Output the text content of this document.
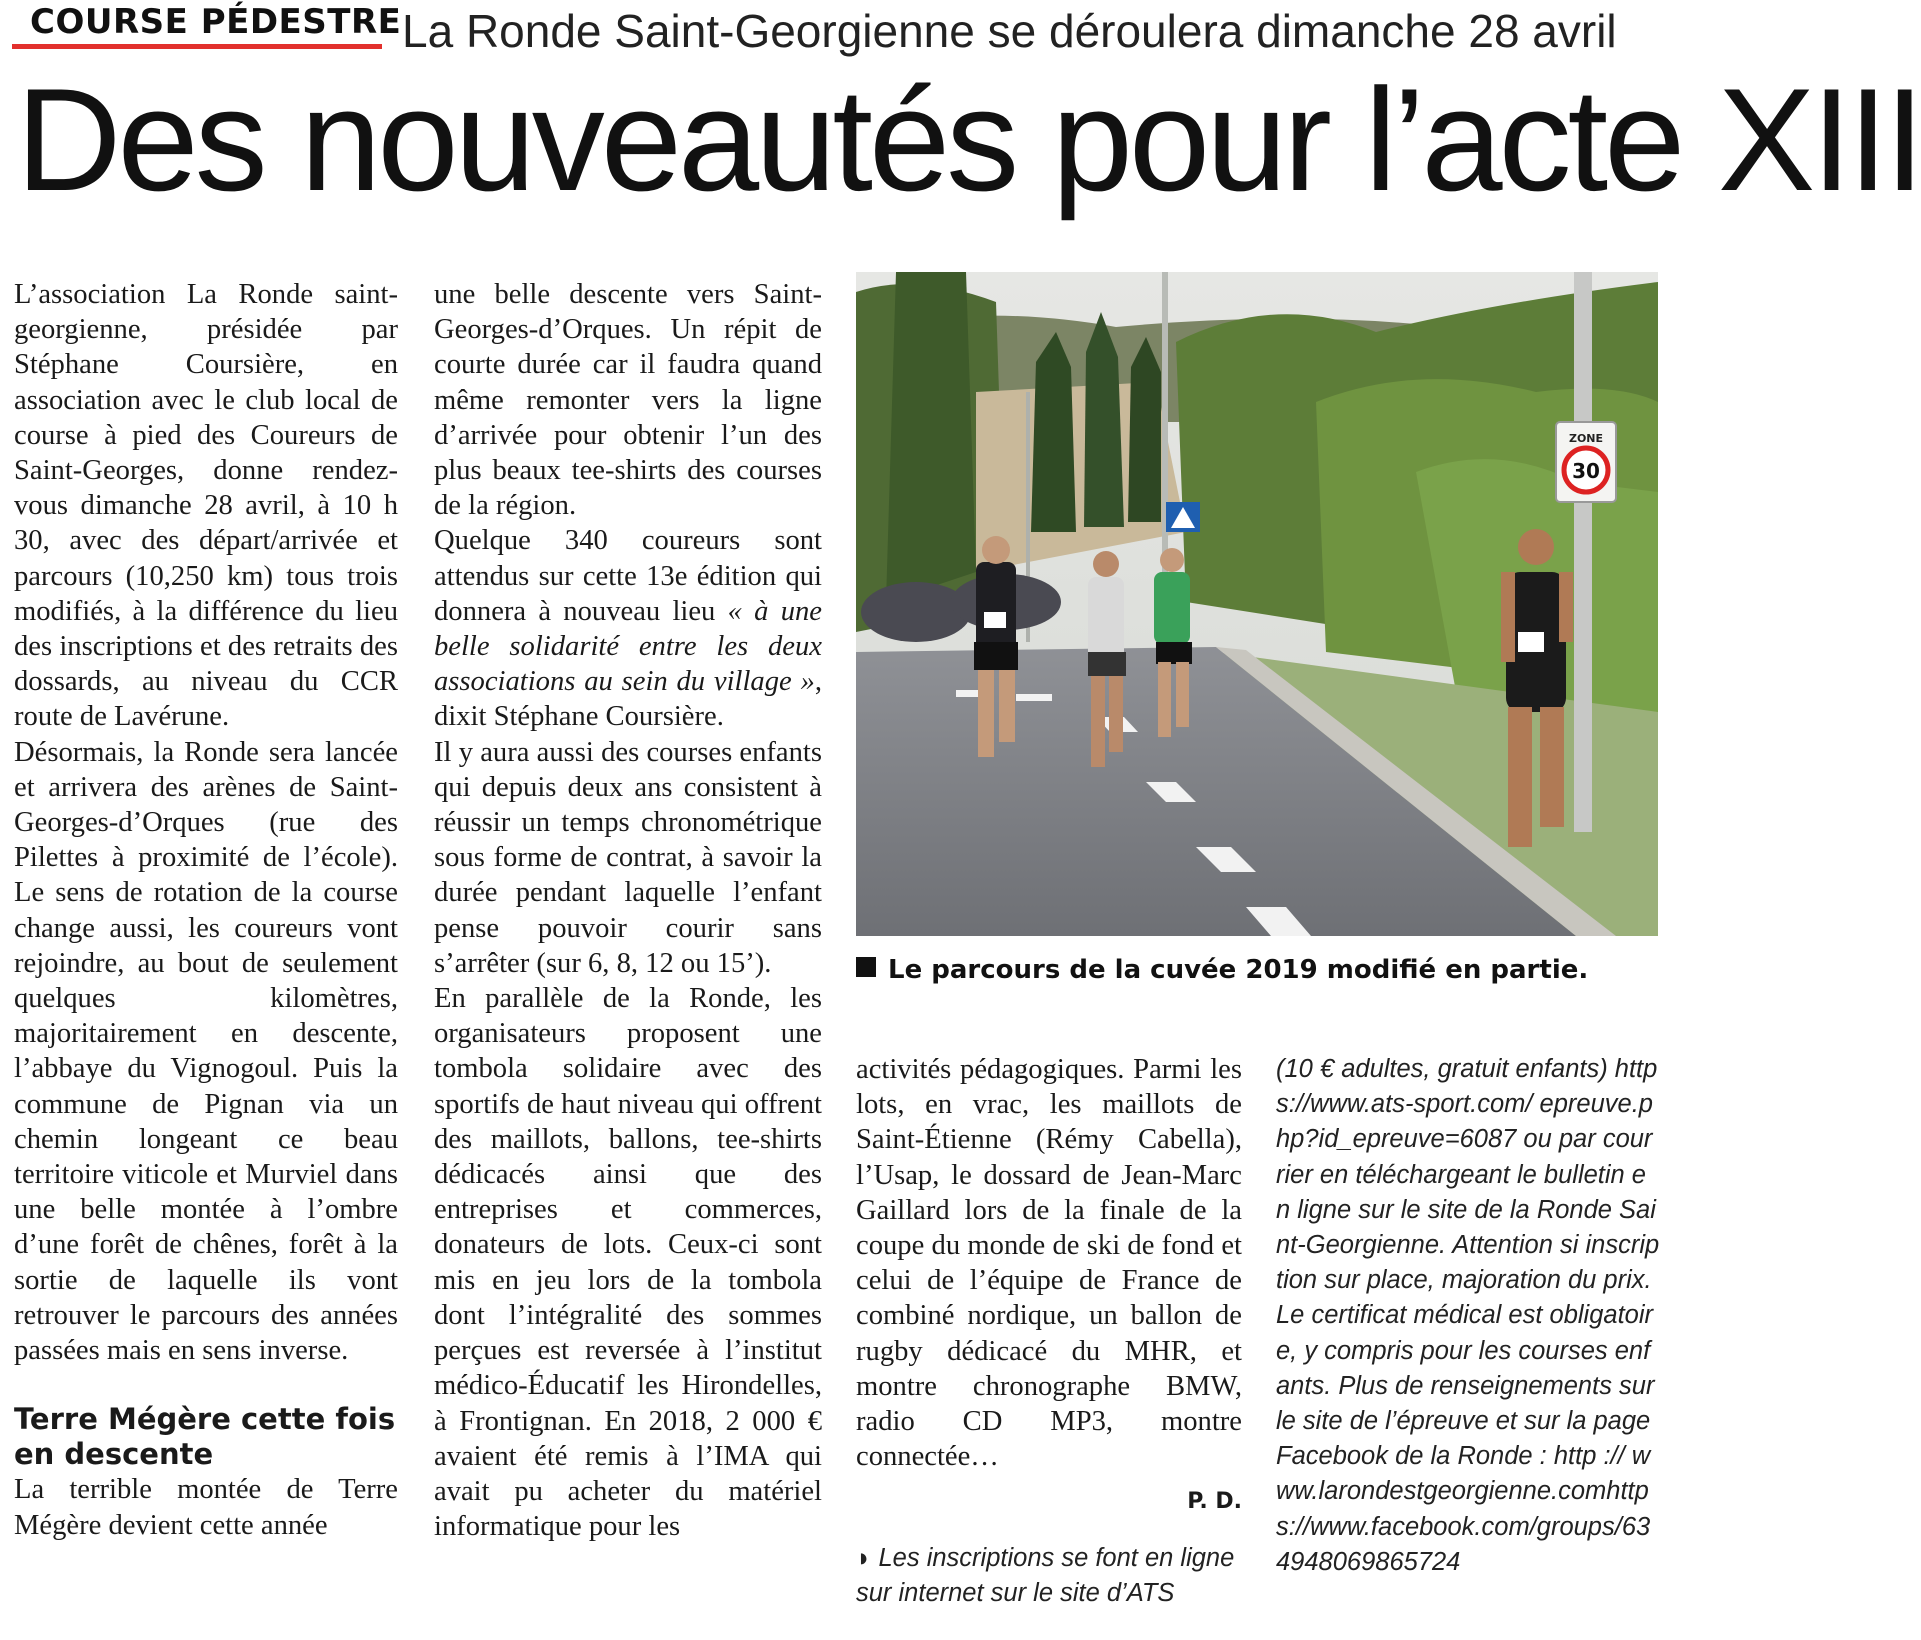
COURSE PÉDESTRE La Ronde Saint-Georgienne se déroulera dimanche 28 avril
Des nouveautés pour l’acte XIII

L’association La Ronde saint-georgienne, présidée par Stéphane Coursière, en association avec le club local de course à pied des Coureurs de Saint-Georges, donne rendez-vous dimanche 28 avril, à 10 h 30, avec des départ/arrivée et parcours (10,250 km) tous trois modifiés, à la différence du lieu des inscriptions et des retraits des dossards, au niveau du CCR route de Lavérune.

Désormais, la Ronde sera lancée et arrivera des arènes de Saint-Georges-d’Orques (rue des Pilettes à proximité de l’école). Le sens de rotation de la course change aussi, les coureurs vont rejoindre, au bout de seulement quelques kilomètres, majoritairement en descente, l’abbaye du Vignogoul. Puis la commune de Pignan via un chemin longeant ce beau territoire viticole et Murviel dans une belle montée à l’ombre d’une forêt de chênes, forêt à la sortie de laquelle ils vont retrouver le parcours des années passées mais en sens inverse.

Terre Mégère cette fois en descente

La terrible montée de Terre Mégère devient cette année

une belle descente vers Saint-Georges-d’Orques. Un répit de courte durée car il faudra quand même remonter vers la ligne d’arrivée pour obtenir l’un des plus beaux tee-shirts des courses de la région.

Quelque 340 coureurs sont attendus sur cette 13e édition qui donnera à nouveau lieu « à une belle solidarité entre les deux associations au sein du village », dixit Stéphane Coursière.

Il y aura aussi des courses enfants qui depuis deux ans consistent à réussir un temps chronométrique sous forme de contrat, à savoir la durée pendant laquelle l’enfant pense pouvoir courir sans s’arrêter (sur 6, 8, 12 ou 15’).

En parallèle de la Ronde, les organisateurs proposent une tombola solidaire avec des sportifs de haut niveau qui offrent des maillots, ballons, tee-shirts dédicacés ainsi que des entreprises et commerces, donateurs de lots. Ceux-ci sont mis en jeu lors de la tombola dont l’intégralité des sommes perçues est reversée à l’institut médico-Éducatif les Hirondelles, à Frontignan. En 2018, 2 000 € avaient été remis à l’IMA qui avait pu acheter du matériel informatique pour les

ZONE
30
Le parcours de la cuvée 2019 modifié en partie.

activités pédagogiques. Parmi les lots, en vrac, les maillots de Saint-Étienne (Rémy Cabella), l’Usap, le dossard de Jean-Marc Gaillard lors de la finale de la coupe du monde de ski de fond et celui de l’équipe de France de combiné nordique, un ballon de rugby dédicacé du MHR, et montre chronographe BMW, radio CD MP3, montre connectée…

P. D.

◗ Les inscriptions se font en ligne sur internet sur le site d’ATS

(10 € adultes, gratuit enfants) https://www.ats-sport.com/ epreuve.php?id_epreuve=6087 ou par courrier en téléchargeant le bulletin en ligne sur le site de la Ronde Saint-Georgienne. Attention si inscription sur place, majoration du prix. Le certificat médical est obligatoire, y compris pour les courses enfants. Plus de renseignements sur le site de l’épreuve et sur la page Facebook de la Ronde : http :// www.larondestgeorgienne.comhttps://www.facebook.com/groups/634948069865724
